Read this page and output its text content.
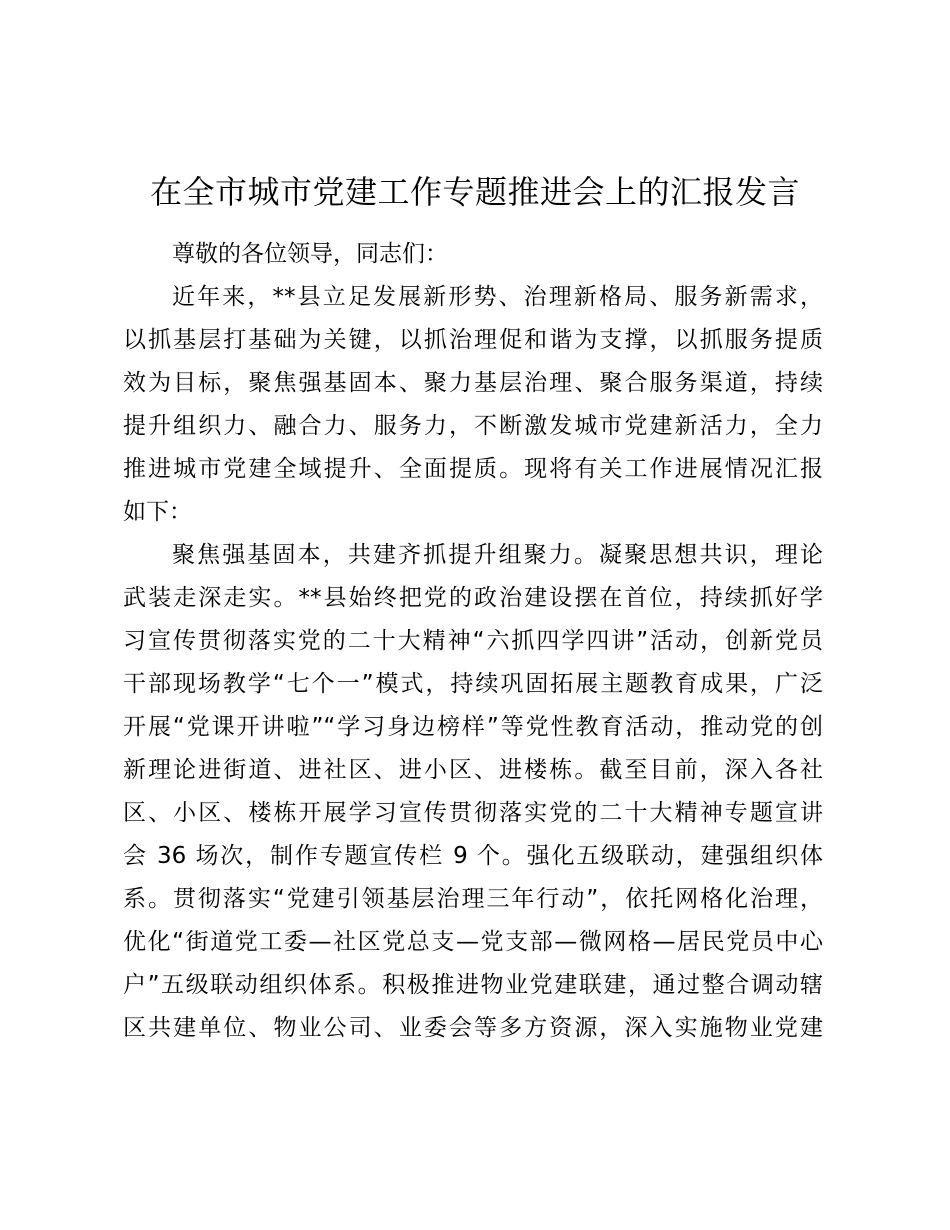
在全市城市党建工作专题推进会上的汇报发言
尊敬的各位领导，同志们：
近年来，**县立足发展新形势、治理新格局、服务新需求，
以抓基层打基础为关键，以抓治理促和谐为支撑，以抓服务提质
效为目标，聚焦强基固本、聚力基层治理、聚合服务渠道，持续
提升组织力、融合力、服务力，不断激发城市党建新活力，全力
推进城市党建全域提升、全面提质。现将有关工作进展情况汇报
如下：
聚焦强基固本，共建齐抓提升组聚力。凝聚思想共识，理论
武装走深走实。**县始终把党的政治建设摆在首位，持续抓好学
习宣传贯彻落实党的二十大精神“六抓四学四讲”活动，创新党员
干部现场教学“七个一”模式，持续巩固拓展主题教育成果，广泛
开展“党课开讲啦”“学习身边榜样”等党性教育活动，推动党的创
新理论进街道、进社区、进小区、进楼栋。截至目前，深入各社
区、小区、楼栋开展学习宣传贯彻落实党的二十大精神专题宣讲
会 36 场次，制作专题宣传栏 9 个。强化五级联动，建强组织体
系。贯彻落实“党建引领基层治理三年行动”，依托网格化治理，
优化“街道党工委—社区党总支—党支部—微网格—居民党员中心
户”五级联动组织体系。积极推进物业党建联建，通过整合调动辖
区共建单位、物业公司、业委会等多方资源，深入实施物业党建
